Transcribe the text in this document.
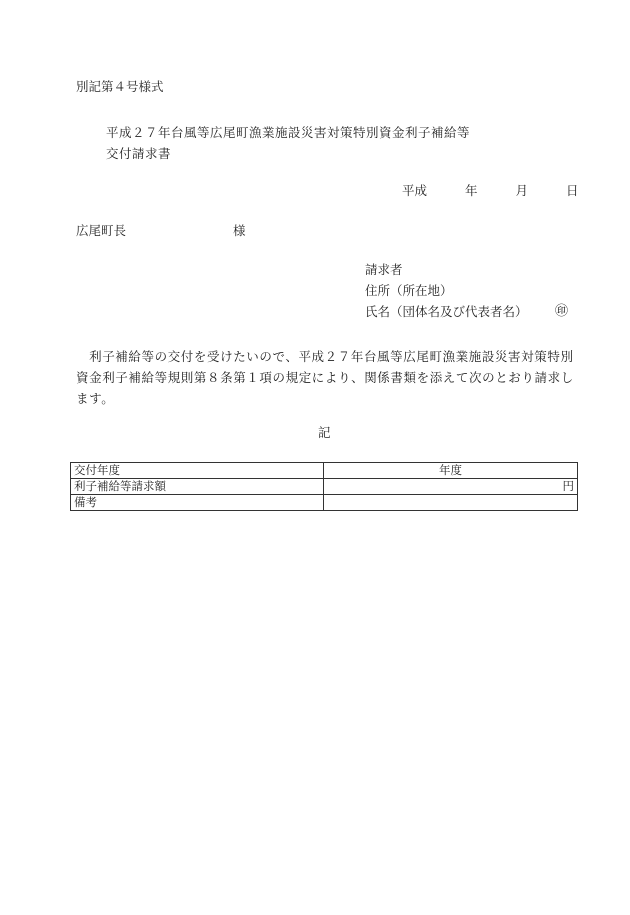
別記第４号様式
平成２７年台風等広尾町漁業施設災害対策特別資金利子補給等
交付請求書
平成	年	月	日
広尾町長	様
請求者
住所（所在地）
氏名（団体名及び代表者名） ㊞
　利子補給等の交付を受けたいので、平成２７年台風等広尾町漁業施設災害対策特別資金利子補給等規則第８条第１項の規定により、関係書類を添えて次のとおり請求します。
記
交付年度	年度
利子補給等請求額	円
備考	
